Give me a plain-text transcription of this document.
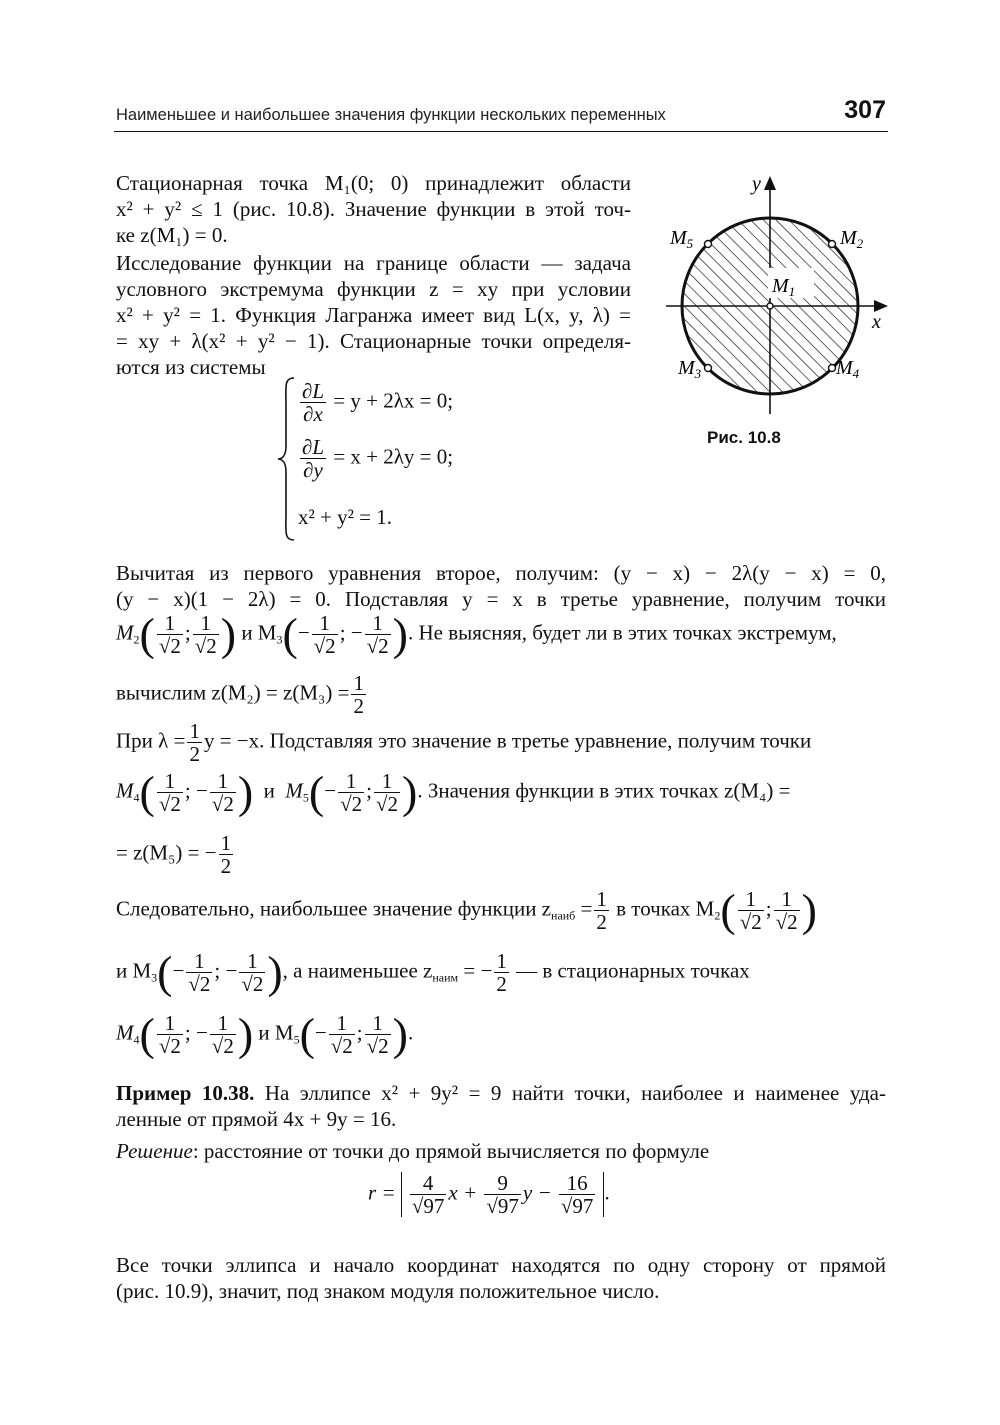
Наименьшее и наибольшее значения функции нескольких переменных	307
y
x
$M_1$
$M_2$
$M_5$
$M_3$	$M_4$
Рис. 10.8
Стационарная точка M₁(0; 0) принадлежит области
x² + y² ≤ 1 (рис. 10.8). Значение функции в этой точ-
ке z(M₁) = 0.
Исследование функции на границе области — задача
условного экстремума функции z = xy при условии
x² + y² = 1. Функция Лагранжа имеет вид L(x, y, λ) =
= xy + λ(x² + y² − 1). Стационарные точки определя-
ются из системы
$\frac{\partial L}{\partial x} = y + 2\lambda x = 0$;
$\frac{\partial L}{\partial y} = x + 2\lambda y = 0$;
x² + y² = 1.
Вычитая из первого уравнения второе, получим: (y − x) − 2λ(y − x) = 0,
(y − x)(1 − 2λ) = 0. Подставляя y = x в третье уравнение, получим точки
$M_2( \frac{1}{√2}$ ; $\frac{1}{√2}$ ) и $M_3(- \frac{1}{√2}$ ; − $\frac{1}{√2}$ ). Не выясняя, будет ли в этих точках экстремум,
вычислим $z(M_2) = z(M_3) = \frac{1}{2}$
При $\lambda = \frac{1}{2}$ y = −x. Подставляя это значение в третье уравнение, получим точки
$M_4( \frac{1}{√2}$ ; − $\frac{1}{√2}$ ) и $M_5(- \frac{1}{√2}$ ; $\frac{1}{√2}$ ). Значения функции в этих точках z(M₄) =
= z(M₅) = − $\frac{1}{2}$
Следовательно, наибольшее значение функции $z_{наиб} = \frac{1}{2}$ в точках $M_2( \frac{1}{√2}$ ; $\frac{1}{√2}$ )
и $M_3(- \frac{1}{√2}$ ; − $\frac{1}{√2}$ ), а наименьшее $z_{наим}$ = − $\frac{1}{2}$ — в стационарных точках
$M_4( \frac{1}{√2}$ ; − $\frac{1}{√2}$ ) и $M_5(- \frac{1}{√2}$ ; $\frac{1}{√2}$ ).
Пример 10.38. На эллипсе x² + 9y² = 9 найти точки, наиболее и наименее уда-
ленные от прямой 4x + 9y = 16.
Решение: расстояние от точки до прямой вычисляется по формуле
$r = \frac{4}{√97}$ $x + \frac{9}{√97}$ $y - \frac{16}{√97}$ .
Все точки эллипса и начало координат находятся по одну сторону от прямой
(рис. 10.9), значит, под знаком модуля положительное число.
